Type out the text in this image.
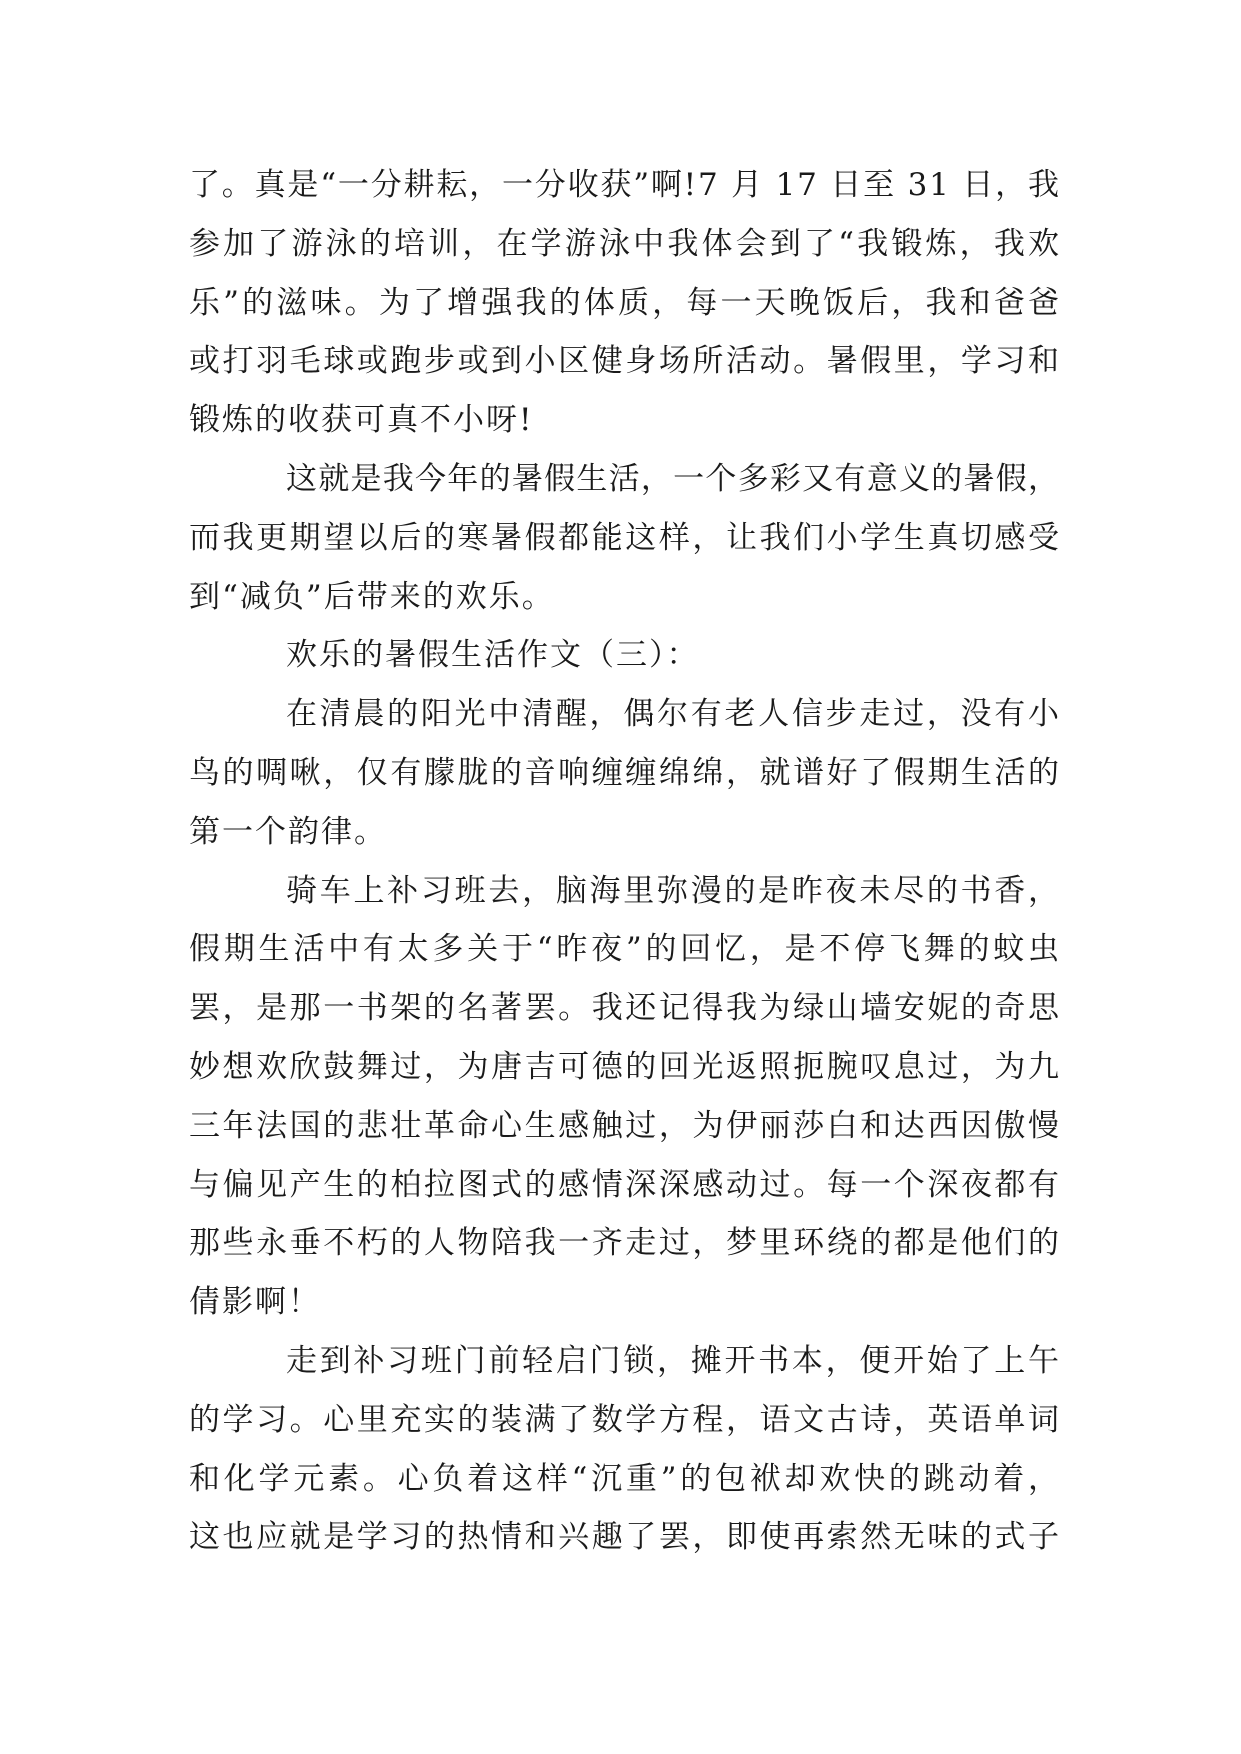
了。真是“一分耕耘，一分收获”啊!7 月 17 日至 31 日，我
参加了游泳的培训，在学游泳中我体会到了“我锻炼，我欢
乐”的滋味。为了增强我的体质，每一天晚饭后，我和爸爸
或打羽毛球或跑步或到小区健身场所活动。暑假里，学习和
锻炼的收获可真不小呀!
这就是我今年的暑假生活，一个多彩又有意义的暑假，
而我更期望以后的寒暑假都能这样，让我们小学生真切感受
到“减负”后带来的欢乐。
欢乐的暑假生活作文（三）：
在清晨的阳光中清醒，偶尔有老人信步走过，没有小
鸟的啁啾，仅有朦胧的音响缠缠绵绵，就谱好了假期生活的
第一个韵律。
骑车上补习班去，脑海里弥漫的是昨夜未尽的书香，
假期生活中有太多关于“昨夜”的回忆，是不停飞舞的蚊虫
罢，是那一书架的名著罢。我还记得我为绿山墙安妮的奇思
妙想欢欣鼓舞过，为唐吉可德的回光返照扼腕叹息过，为九
三年法国的悲壮革命心生感触过，为伊丽莎白和达西因傲慢
与偏见产生的柏拉图式的感情深深感动过。每一个深夜都有
那些永垂不朽的人物陪我一齐走过，梦里环绕的都是他们的
倩影啊！
走到补习班门前轻启门锁，摊开书本，便开始了上午
的学习。心里充实的装满了数学方程，语文古诗，英语单词
和化学元素。心负着这样“沉重”的包袱却欢快的跳动着，
这也应就是学习的热情和兴趣了罢，即使再索然无味的式子
